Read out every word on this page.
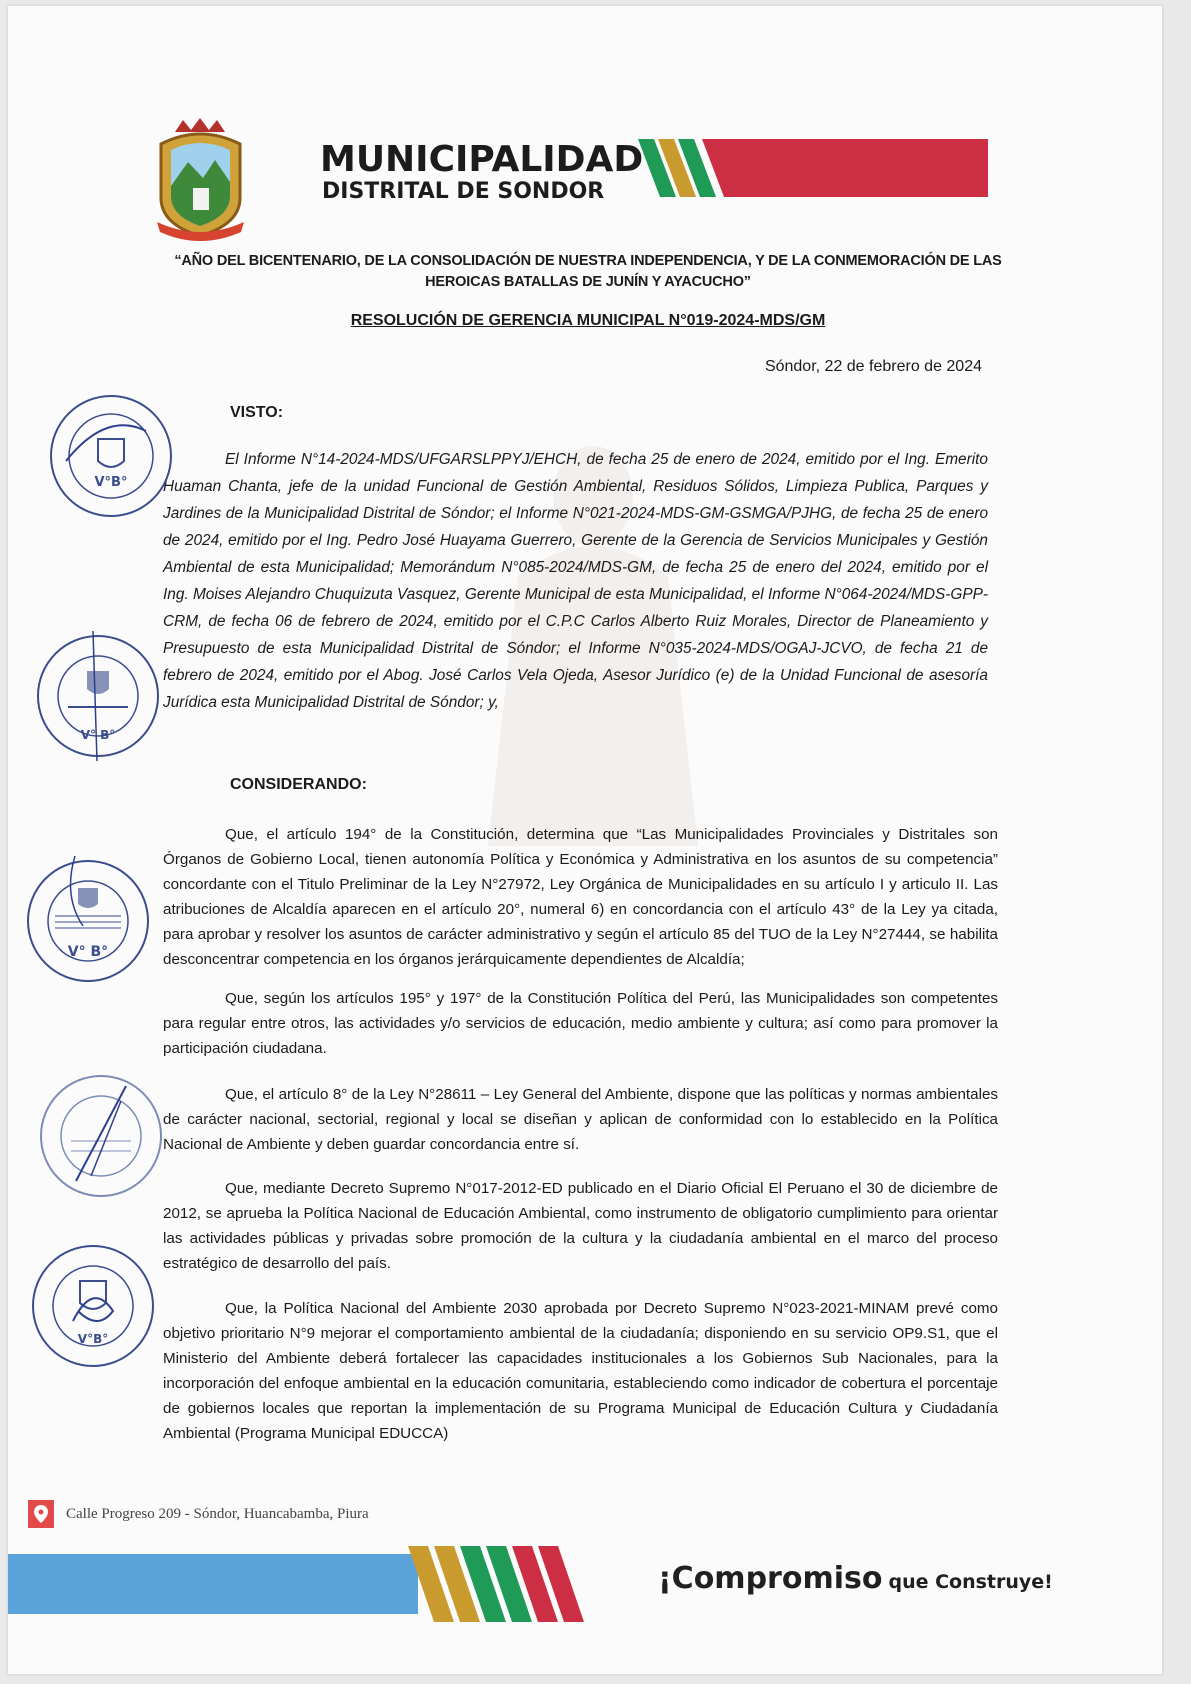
MUNICIPALIDAD
DISTRITAL DE SONDOR
“AÑO DEL BICENTENARIO, DE LA CONSOLIDACIÓN DE NUESTRA INDEPENDENCIA, Y DE LA CONMEMORACIÓN DE LAS
HEROICAS BATALLAS DE JUNÍN Y AYACUCHO”
RESOLUCIÓN DE GERENCIA MUNICIPAL N°019-2024-MDS/GM
Sóndor, 22 de febrero de 2024
VISTO:
El Informe N°14-2024-MDS/UFGARSLPPYJ/EHCH, de fecha 25 de enero de 2024, emitido por el Ing. Emerito Huaman Chanta, jefe de la unidad Funcional de Gestión Ambiental, Residuos Sólidos, Limpieza Publica, Parques y Jardines de la Municipalidad Distrital de Sóndor; el Informe N°021-2024-MDS-GM-GSMGA/PJHG, de fecha 25 de enero de 2024, emitido por el Ing. Pedro José Huayama Guerrero, Gerente de la Gerencia de Servicios Municipales y Gestión Ambiental de esta Municipalidad; Memorándum N°085-2024/MDS-GM, de fecha 25 de enero del 2024, emitido por el Ing. Moises Alejandro Chuquizuta Vasquez, Gerente Municipal de esta Municipalidad, el Informe N°064-2024/MDS-GPP-CRM, de fecha 06 de febrero de 2024, emitido por el C.P.C Carlos Alberto Ruiz Morales, Director de Planeamiento y Presupuesto de esta Municipalidad Distrital de Sóndor; el Informe N°035-2024-MDS/OGAJ-JCVO, de fecha 21 de febrero de 2024, emitido por el Abog. José Carlos Vela Ojeda, Asesor Jurídico (e) de la Unidad Funcional de asesoría Jurídica esta Municipalidad Distrital de Sóndor; y,
CONSIDERANDO:
Que, el artículo 194° de la Constitución, determina que “Las Municipalidades Provinciales y Distritales son Órganos de Gobierno Local, tienen autonomía Política y Económica y Administrativa en los asuntos de su competencia” concordante con el Titulo Preliminar de la Ley N°27972, Ley Orgánica de Municipalidades en su artículo I y articulo II. Las atribuciones de Alcaldía aparecen en el artículo 20°, numeral 6) en concordancia con el artículo 43° de la Ley ya citada, para aprobar y resolver los asuntos de carácter administrativo y según el artículo 85 del TUO de la Ley N°27444, se habilita desconcentrar competencia en los órganos jerárquicamente dependientes de Alcaldía;
Que, según los artículos 195° y 197° de la Constitución Política del Perú, las Municipalidades son competentes para regular entre otros, las actividades y/o servicios de educación, medio ambiente y cultura; así como para promover la participación ciudadana.
Que, el artículo 8° de la Ley N°28611 – Ley General del Ambiente, dispone que las políticas y normas ambientales de carácter nacional, sectorial, regional y local se diseñan y aplican de conformidad con lo establecido en la Política Nacional de Ambiente y deben guardar concordancia entre sí.
Que, mediante Decreto Supremo N°017-2012-ED publicado en el Diario Oficial El Peruano el 30 de diciembre de 2012, se aprueba la Política Nacional de Educación Ambiental, como instrumento de obligatorio cumplimiento para orientar las actividades públicas y privadas sobre promoción de la cultura y la ciudadanía ambiental en el marco del proceso estratégico de desarrollo del país.
Que, la Política Nacional del Ambiente 2030 aprobada por Decreto Supremo N°023-2021-MINAM prevé como objetivo prioritario N°9 mejorar el comportamiento ambiental de la ciudadanía; disponiendo en su servicio OP9.S1, que el Ministerio del Ambiente deberá fortalecer las capacidades institucionales a los Gobiernos Sub Nacionales, para la incorporación del enfoque ambiental en la educación comunitaria, estableciendo como indicador de cobertura el porcentaje de gobiernos locales que reportan la implementación de su Programa Municipal de Educación Cultura y Ciudadanía Ambiental (Programa Municipal EDUCCA)
V°B°
V° B°
V° B°
V°B°
Calle Progreso 209 - Sóndor, Huancabamba, Piura
¡Compromiso que Construye!
